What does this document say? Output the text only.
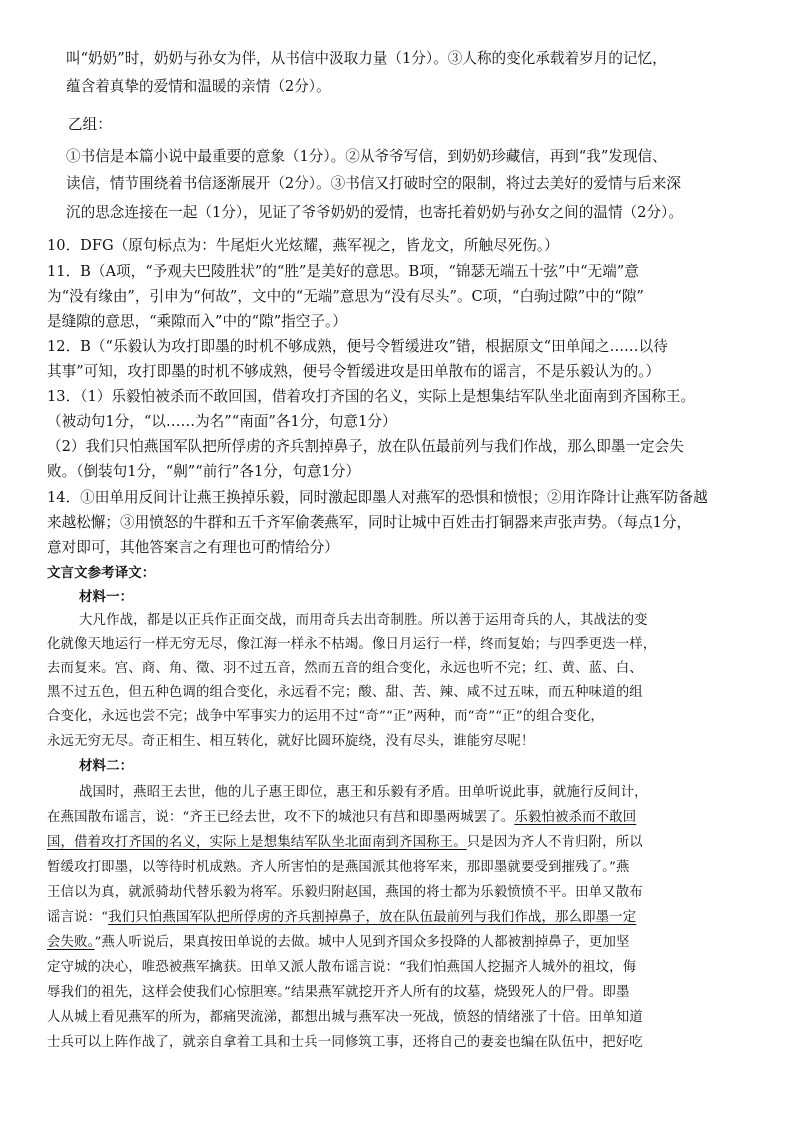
叫“奶奶”时，奶奶与孙女为伴，从书信中汲取力量（1分）。③人称的变化承载着岁月的记忆，
蕴含着真挚的爱情和温暖的亲情（2分）。
乙组：
①书信是本篇小说中最重要的意象（1分）。②从爷爷写信，到奶奶珍藏信，再到“我”发现信、
读信，情节围绕着书信逐渐展开（2分）。③书信又打破时空的限制，将过去美好的爱情与后来深
沉的思念连接在一起（1分），见证了爷爷奶奶的爱情，也寄托着奶奶与孙女之间的温情（2分）。
10．DFG（原句标点为：牛尾炬火光炫耀，燕军视之，皆龙文，所触尽死伤。）
11．B（A项，“予观夫巴陵胜状”的“胜”是美好的意思。B项，“锦瑟无端五十弦”中“无端”意
为“没有缘由”，引申为“何故”，文中的“无端”意思为“没有尽头”。C项，“白驹过隙”中的“隙”
是缝隙的意思，“乘隙而入”中的“隙”指空子。）
12．B（“乐毅认为攻打即墨的时机不够成熟，便号令暂缓进攻”错，根据原文“田单闻之……以待
其事”可知，攻打即墨的时机不够成熟，便号令暂缓进攻是田单散布的谣言，不是乐毅认为的。）
13．（1）乐毅怕被杀而不敢回国，借着攻打齐国的名义，实际上是想集结军队坐北面南到齐国称王。
（被动句1分，“以……为名”“南面”各1分，句意1分）
（2）我们只怕燕国军队把所俘虏的齐兵割掉鼻子，放在队伍最前列与我们作战，那么即墨一定会失
败。（倒装句1分，“劓”“前行”各1分，句意1分）
14．①田单用反间计让燕王换掉乐毅，同时激起即墨人对燕军的恐惧和愤恨；②用诈降计让燕军防备越
来越松懈；③用愤怒的牛群和五千齐军偷袭燕军，同时让城中百姓击打铜器来声张声势。（每点1分，
意对即可，其他答案言之有理也可酌情给分）
文言文参考译文：
材料一：
大凡作战，都是以正兵作正面交战，而用奇兵去出奇制胜。所以善于运用奇兵的人，其战法的变
化就像天地运行一样无穷无尽，像江海一样永不枯竭。像日月运行一样，终而复始；与四季更迭一样，
去而复来。宫、商、角、徵、羽不过五音，然而五音的组合变化，永远也听不完；红、黄、蓝、白、
黑不过五色，但五种色调的组合变化，永远看不完；酸、甜、苦、辣、咸不过五味，而五种味道的组
合变化，永远也尝不完；战争中军事实力的运用不过“奇”“正”两种，而“奇”“正”的组合变化，
永远无穷无尽。奇正相生、相互转化，就好比圆环旋绕，没有尽头，谁能穷尽呢！
材料二：
战国时，燕昭王去世，他的儿子惠王即位，惠王和乐毅有矛盾。田单听说此事，就施行反间计，
在燕国散布谣言，说：“齐王已经去世，攻不下的城池只有莒和即墨两城罢了。乐毅怕被杀而不敢回
国，借着攻打齐国的名义，实际上是想集结军队坐北面南到齐国称王。只是因为齐人不肯归附，所以
暂缓攻打即墨，以等待时机成熟。齐人所害怕的是燕国派其他将军来，那即墨就要受到摧残了。”燕
王信以为真，就派骑劫代替乐毅为将军。乐毅归附赵国，燕国的将士都为乐毅愤愤不平。田单又散布
谣言说：“我们只怕燕国军队把所俘虏的齐兵割掉鼻子，放在队伍最前列与我们作战，那么即墨一定
会失败。”燕人听说后，果真按田单说的去做。城中人见到齐国众多投降的人都被割掉鼻子，更加坚
定守城的决心，唯恐被燕军擒获。田单又派人散布谣言说：“我们怕燕国人挖掘齐人城外的祖坟，侮
辱我们的祖先，这样会使我们心惊胆寒。”结果燕军就挖开齐人所有的坟墓，烧毁死人的尸骨。即墨
人从城上看见燕军的所为，都痛哭流涕，都想出城与燕军决一死战，愤怒的情绪涨了十倍。田单知道
士兵可以上阵作战了，就亲自拿着工具和士兵一同修筑工事，还将自己的妻妾也编在队伍中，把好吃
